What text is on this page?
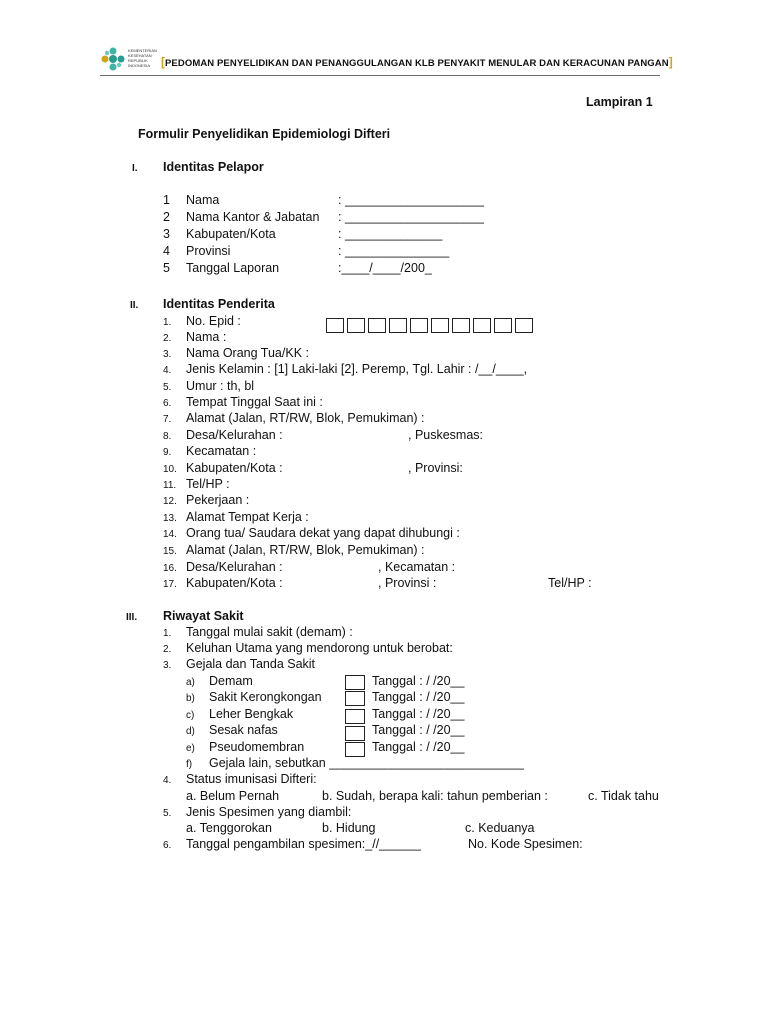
KEMENTERIAN
KESEHATAN
REPUBLIK
INDONESIA [PEDOMAN PENYELIDIKAN DAN PENANGGULANGAN KLB PENYAKIT MENULAR DAN KERACUNAN PANGAN]
Lampiran 1
Formulir Penyelidikan Epidemiologi Difteri
I. Identitas Pelapor
1 Nama	: ____________________
2 Nama Kantor & Jabatan : ____________________
3 Kabupaten/Kota	: ______________
4 Provinsi	: _______________
5 Tanggal Laporan	:____/____/200_
II. Identitas Penderita
1. No. Epid :
2. Nama :
3. Nama Orang Tua/KK :
4. Jenis Kelamin : [1] Laki-laki [2]. Peremр, Tgl. Lahir : /__/____,
5. Umur : th, bl
6. Tempat Tinggal Saat ini :
7. Alamat (Jalan, RT/RW, Blok, Pemukiman) :
8. Desa/Kelurahan :	, Puskesmas:
9. Kecamatan :
10. Kabupaten/Kota :	, Provinsi:
11. Tel/HP :
12. Pekerjaan :
13. Alamat Tempat Kerja :
14. Orang tua/ Saudara dekat yang dapat dihubungi :
15. Alamat (Jalan, RT/RW, Blok, Pemukiman) :
16. Desa/Kelurahan :	, Kecamatan :
17. Kabupaten/Kota :	, Provinsi :	Tel/HP :
III. Riwayat Sakit
1. Tanggal mulai sakit (demam) :
2. Keluhan Utama yang mendorong untuk berobat:
3. Gejala dan Tanda Sakit
a) Demam	Tanggal : / /20__
b) Sakit Kerongkongan	Tanggal : / /20__
c) Leher Bengkak	Tanggal : / /20__
d) Sesak nafas	Tanggal : / /20__
e) Pseudomembran	Tanggal : / /20__
f) Gejala lain, sebutkan ____________________________
4. Status imunisasi Difteri:
a. Belum Pernah	b. Sudah, berapa kali: tahun pemberian :	c. Tidak tahu
5. Jenis Spesimen yang diambil:
a. Tenggorokan	b. Hidung	c. Keduanya
6. Tanggal pengambilan spesimen:_//______	No. Kode Spesimen:
